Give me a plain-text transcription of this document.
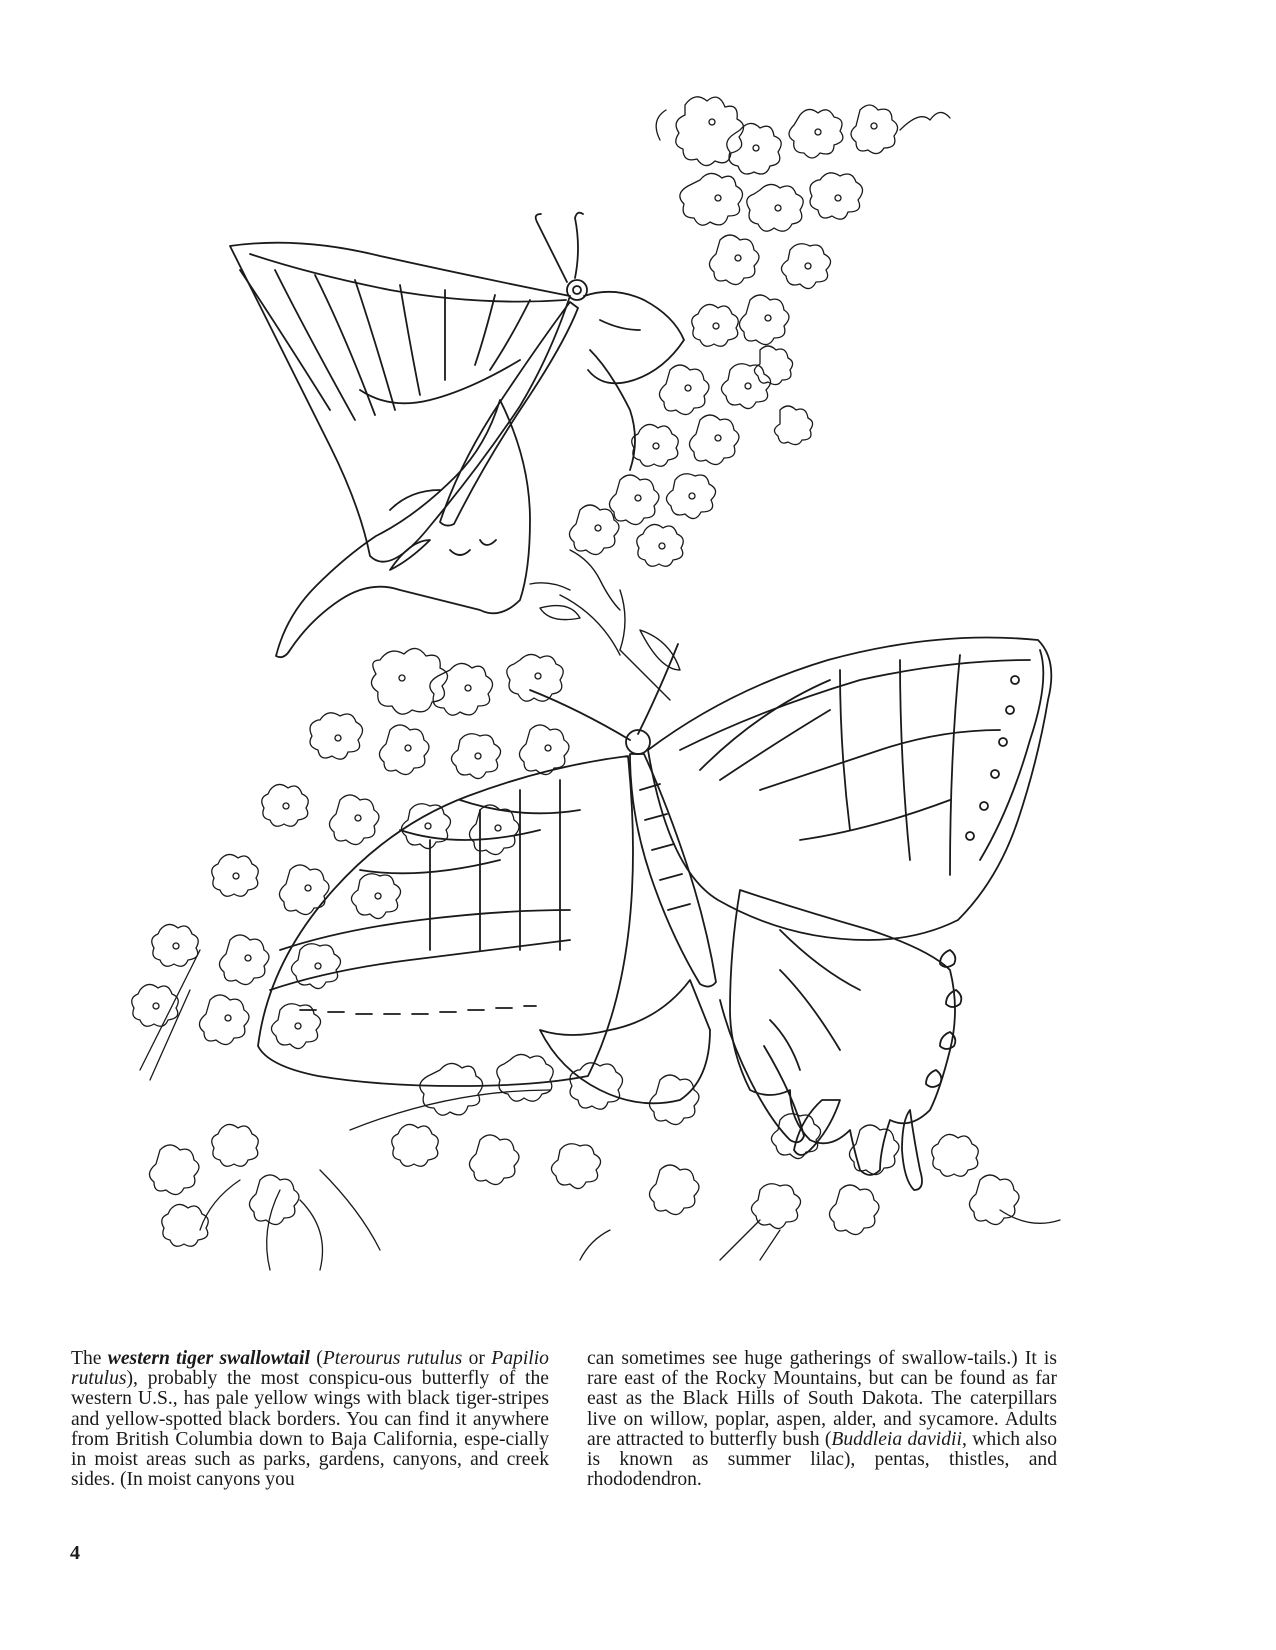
The western tiger swallowtail (Pterourus rutulus or Papilio rutulus), probably the most conspicu-ous butterfly of the western U.S., has pale yellow wings with black tiger-stripes and yellow-spotted black borders. You can find it anywhere from British Columbia down to Baja California, espe-cially in moist areas such as parks, gardens, canyons, and creek sides. (In moist canyons you

can sometimes see huge gatherings of swallow-tails.) It is rare east of the Rocky Mountains, but can be found as far east as the Black Hills of South Dakota. The caterpillars live on willow, poplar, aspen, alder, and sycamore. Adults are attracted to butterfly bush (Buddleia davidii, which also is known as summer lilac), pentas, thistles, and rhododendron.

4
